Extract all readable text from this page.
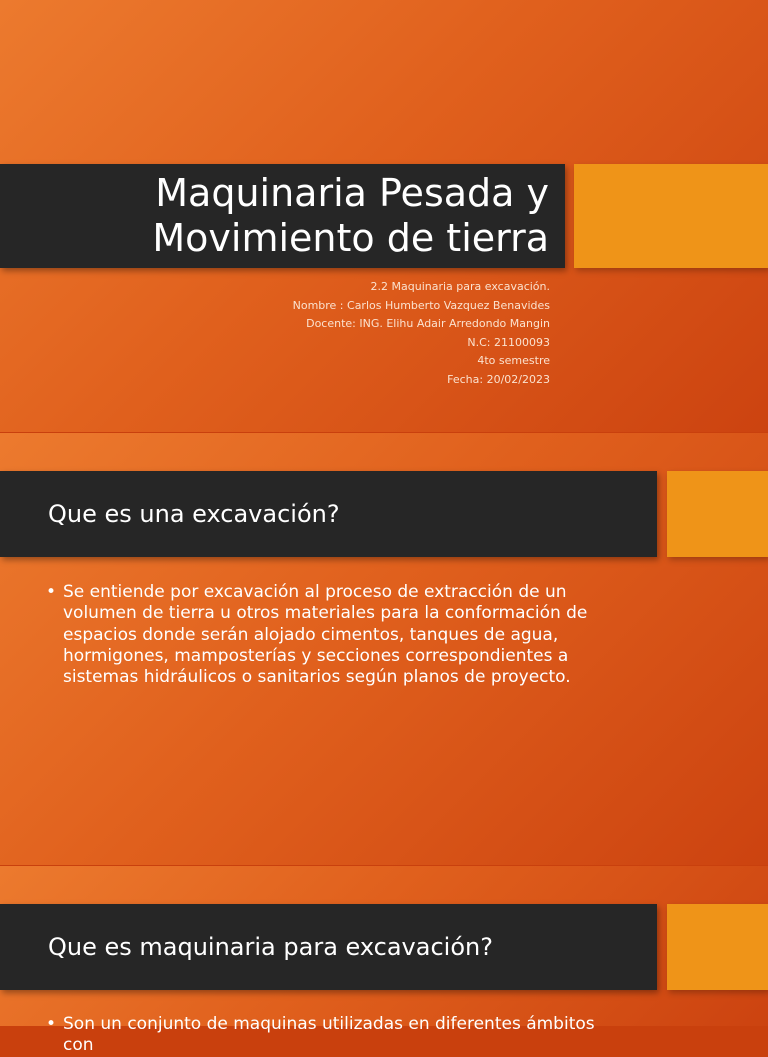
Maquinaria Pesada y
Movimiento de tierra
2.2 Maquinaria para excavación.
Nombre : Carlos Humberto Vazquez Benavides
Docente: ING. Elihu Adair Arredondo Mangin
N.C: 21100093
4to semestre
Fecha: 20/02/2023
Que es una excavación?
• Se entiende por excavación al proceso de extracción de un volumen de tierra u otros materiales para la conformación de espacios donde serán alojado cimentos, tanques de agua, hormigones, mamposterías y secciones correspondientes a sistemas hidráulicos o sanitarios según planos de proyecto.
Que es maquinaria para excavación?
• Son un conjunto de maquinas utilizadas en diferentes ámbitos con
